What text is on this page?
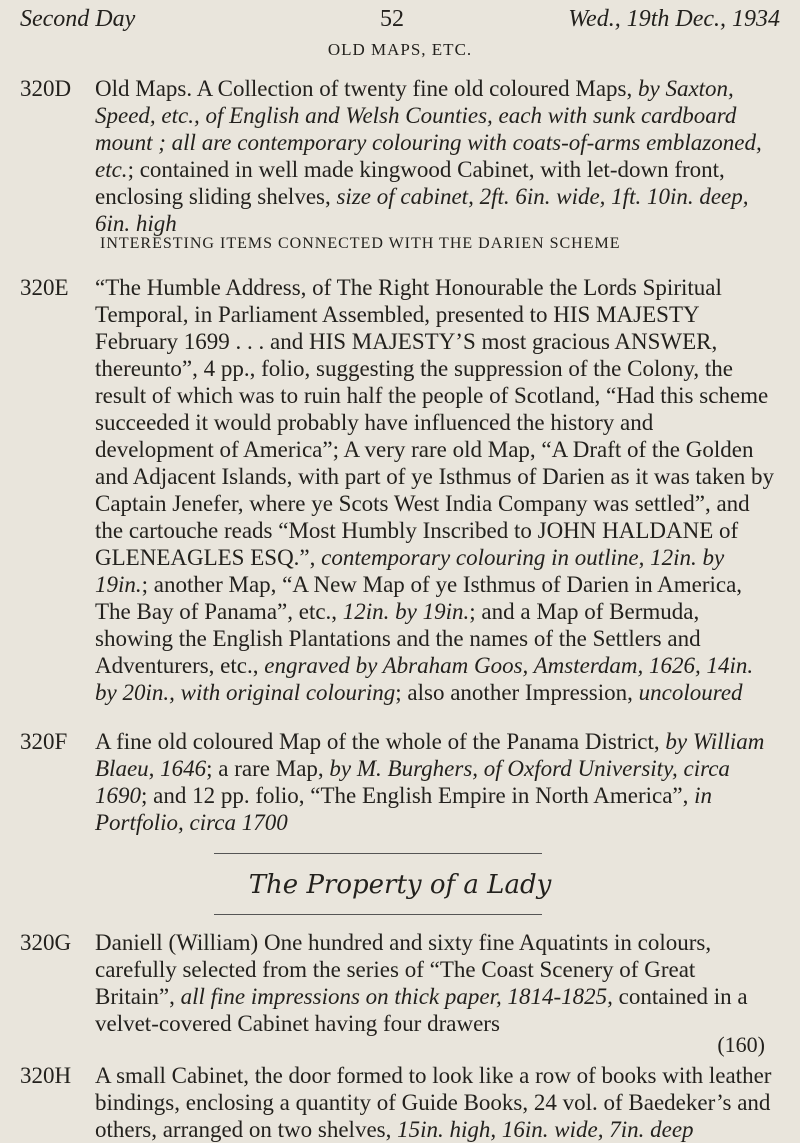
Second Day	52	Wed., 19th Dec., 1934
OLD MAPS, ETC.
320D	Old Maps. A Collection of twenty fine old coloured Maps, by Saxton, Speed, etc., of English and Welsh Counties, each with sunk cardboard mount ; all are contemporary colouring with coats-of-arms emblazoned, etc.; contained in well made kingwood Cabinet, with let-down front, enclosing sliding shelves, size of cabinet, 2ft. 6in. wide, 1ft. 10in. deep, 6in. high
INTERESTING ITEMS CONNECTED WITH THE DARIEN SCHEME
320E	“The Humble Address, of The Right Honourable the Lords Spiritual Temporal, in Parliament Assembled, presented to HIS MAJESTY February 1699 . . . and HIS MAJESTY’S most gracious ANSWER, thereunto”, 4 pp., folio, suggesting the suppression of the Colony, the result of which was to ruin half the people of Scotland, “Had this scheme succeeded it would probably have influenced the history and development of America”; A very rare old Map, “A Draft of the Golden and Adjacent Islands, with part of ye Isthmus of Darien as it was taken by Captain Jenefer, where ye Scots West India Company was settled”, and the cartouche reads “Most Humbly Inscribed to JOHN HALDANE of GLENEAGLES ESQ.”, contemporary colouring in outline, 12in. by 19in.; another Map, “A New Map of ye Isthmus of Darien in America, The Bay of Panama”, etc., 12in. by 19in.; and a Map of Bermuda, showing the English Plantations and the names of the Settlers and Adventurers, etc., engraved by Abraham Goos, Amsterdam, 1626, 14in. by 20in., with original colouring; also another Impression, uncoloured
320F	A fine old coloured Map of the whole of the Panama District, by William Blaeu, 1646; a rare Map, by M. Burghers, of Oxford University, circa 1690; and 12 pp. folio, “The English Empire in North America”, in Portfolio, circa 1700
The Property of a Lady
320G	Daniell (William) One hundred and sixty fine Aquatints in colours, carefully selected from the series of “The Coast Scenery of Great Britain”, all fine impressions on thick paper, 1814-1825, contained in a velvet-covered Cabinet having four drawers
(160)
320H	A small Cabinet, the door formed to look like a row of books with leather bindings, enclosing a quantity of Guide Books, 24 vol. of Baedeker’s and others, arranged on two shelves, 15in. high, 16in. wide, 7in. deep
